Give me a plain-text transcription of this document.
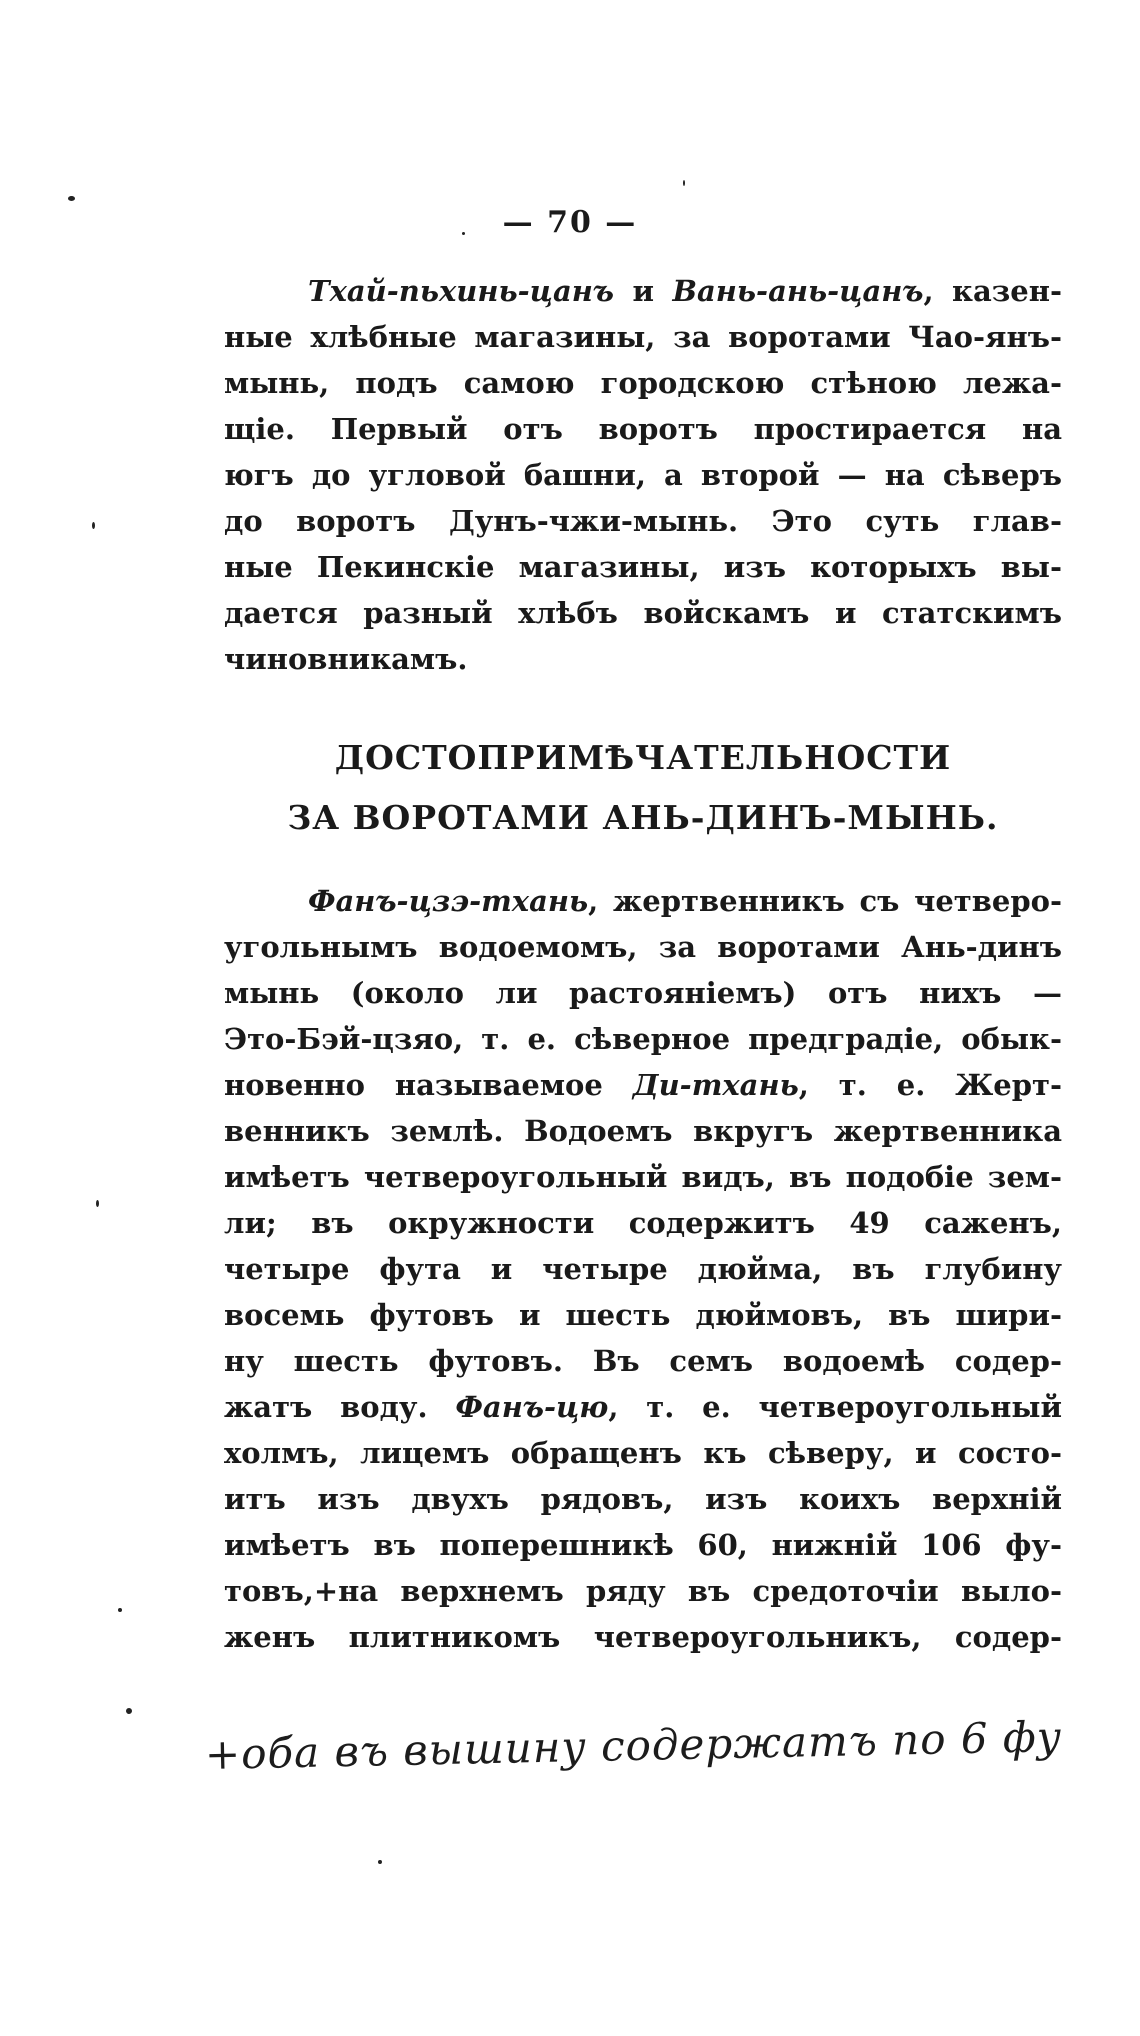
— 70 —
Тхай-пьхинь-цанъ и Вань-ань-цанъ, казен-
ные хлѣбные магазины, за воротами Чао-янъ-
мынь, подъ самою городскою стѣною лежа-
щіе. Первый отъ воротъ простирается на
югъ до угловой башни, а второй — на сѣверъ
до воротъ Дунъ-чжи-мынь. Это суть глав-
ные Пекинскіе магазины, изъ которыхъ вы-
дается разный хлѣбъ войскамъ и статскимъ
чиновникамъ.
ДОСТОПРИМѢЧАТЕЛЬНОСТИ
ЗА ВОРОТАМИ АНЬ-ДИНЪ-МЫНЬ.
Фанъ-цзэ-тхань, жертвенникъ съ четверо-
угольнымъ водоемомъ, за воротами Ань-динъ
мынь (около ли растояніемъ) отъ нихъ —
Это-Бэй-цзяо, т. е. сѣверное предградіе, обык-
новенно называемое Ди-тхань, т. е. Жерт-
венникъ землѣ. Водоемъ вкругъ жертвенника
имѣетъ четвероугольный видъ, въ подобіе зем-
ли; въ окружности содержитъ 49 саженъ,
четыре фута и четыре дюйма, въ глубину
восемь футовъ и шесть дюймовъ, въ шири-
ну шесть футовъ. Въ семъ водоемѣ содер-
жатъ воду. Фанъ-цю, т. е. четвероугольный
холмъ, лицемъ обращенъ къ сѣверу, и состо-
итъ изъ двухъ рядовъ, изъ коихъ верхній
имѣетъ въ поперешникѣ 60, нижній 106 фу-
товъ,+на верхнемъ ряду въ средоточіи выло-
женъ плитникомъ четвероугольникъ, содер-
+оба въ вышину содержатъ по 6 фу
